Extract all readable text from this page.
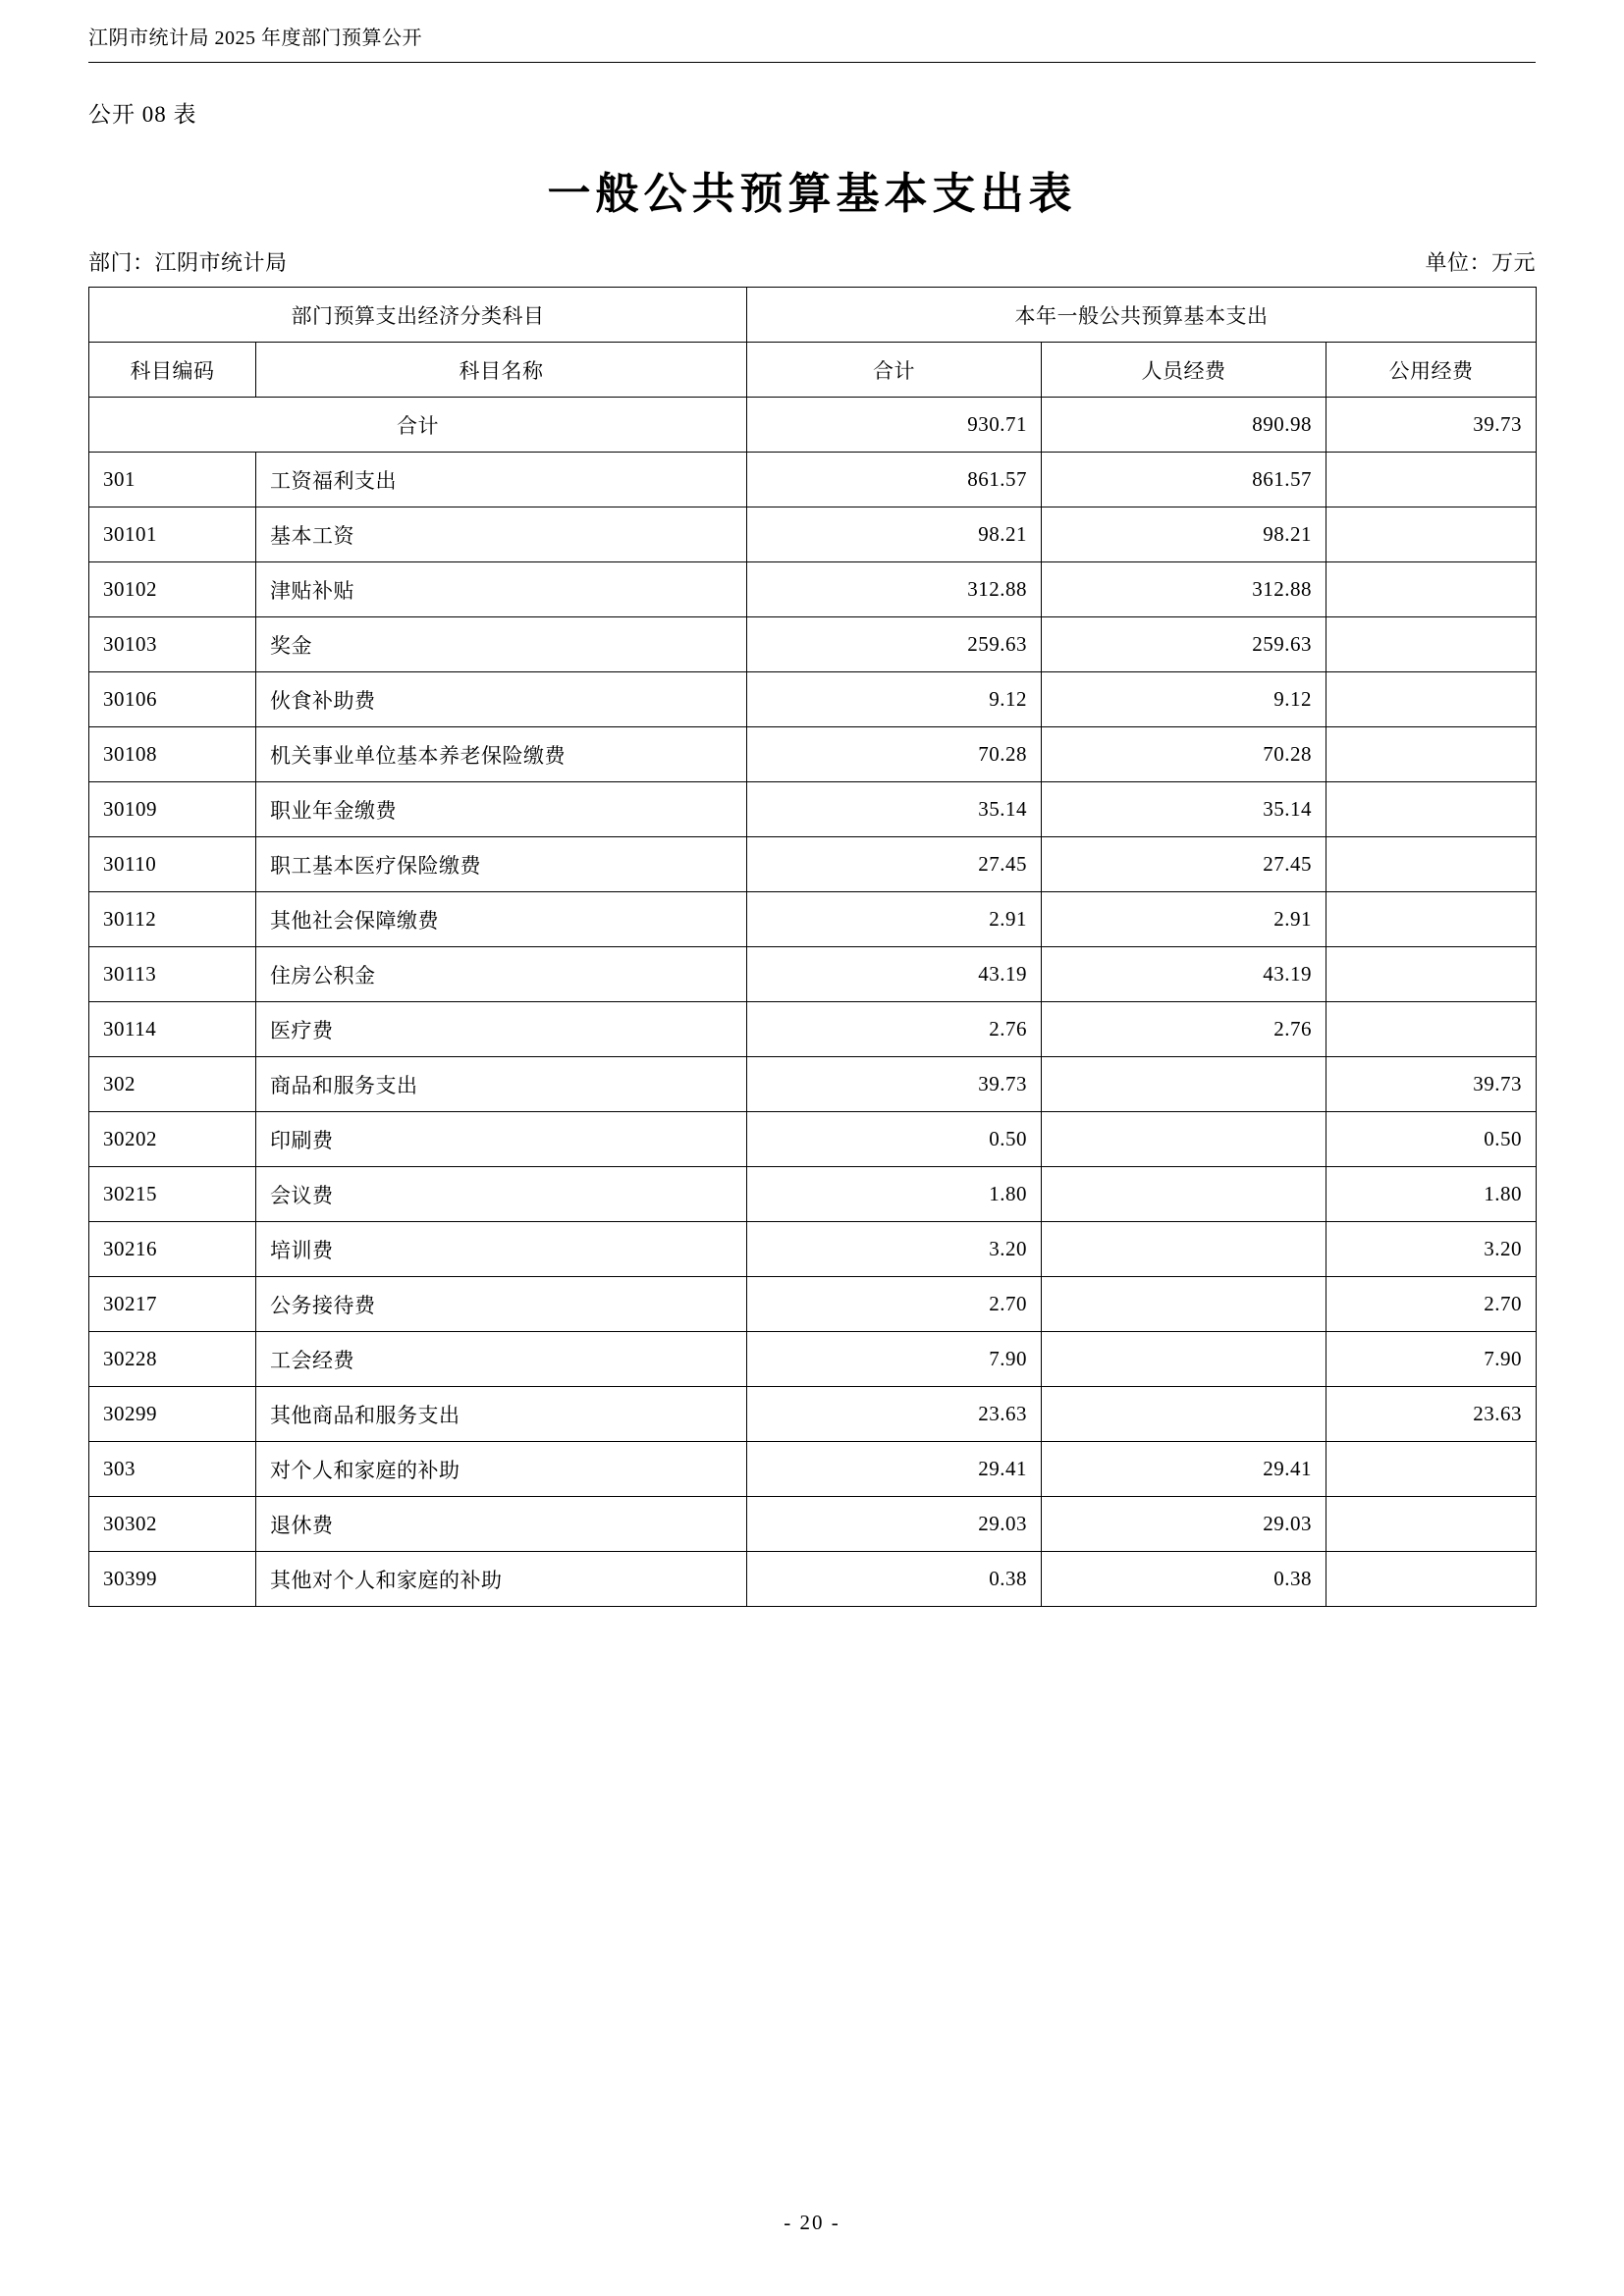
江阴市统计局 2025 年度部门预算公开
公开 08 表
一般公共预算基本支出表
部门：江阴市统计局	单位：万元
部门预算支出经济分类科目		本年一般公共预算基本支出		
科目编码	科目名称	合计	人员经费	公用经费
合计		930.71	890.98	39.73
301	工资福利支出	861.57	861.57	
30101	基本工资	98.21	98.21	
30102	津贴补贴	312.88	312.88	
30103	奖金	259.63	259.63	
30106	伙食补助费	9.12	9.12	
30108	机关事业单位基本养老保险缴费	70.28	70.28	
30109	职业年金缴费	35.14	35.14	
30110	职工基本医疗保险缴费	27.45	27.45	
30112	其他社会保障缴费	2.91	2.91	
30113	住房公积金	43.19	43.19	
30114	医疗费	2.76	2.76	
302	商品和服务支出	39.73		39.73
30202	印刷费	0.50		0.50
30215	会议费	1.80		1.80
30216	培训费	3.20		3.20
30217	公务接待费	2.70		2.70
30228	工会经费	7.90		7.90
30299	其他商品和服务支出	23.63		23.63
303	对个人和家庭的补助	29.41	29.41	
30302	退休费	29.03	29.03	
30399	其他对个人和家庭的补助	0.38	0.38	
- 20 -
